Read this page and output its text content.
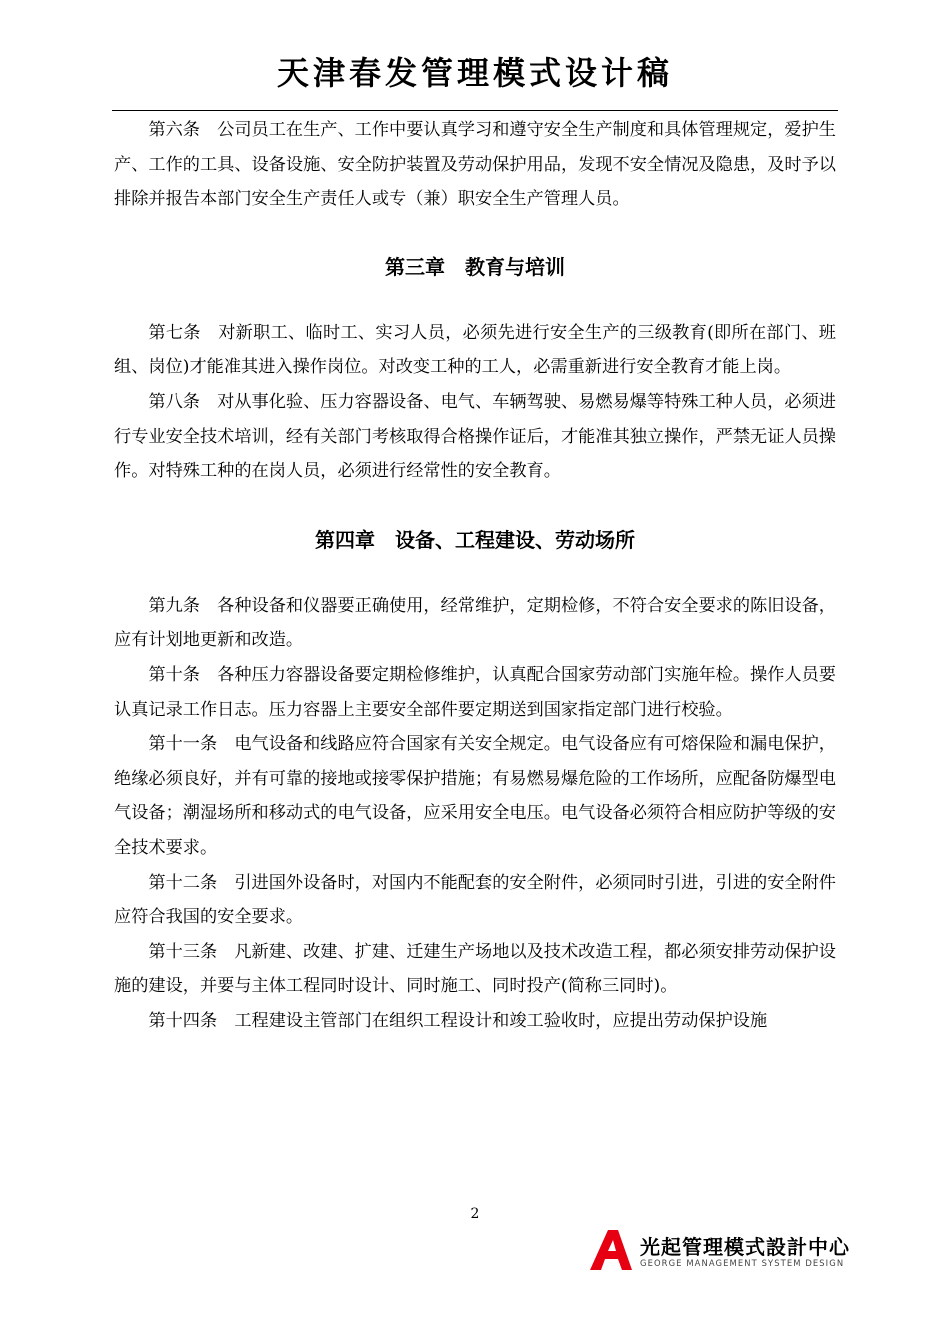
天津春发管理模式设计稿

第六条　公司员工在生产、工作中要认真学习和遵守安全生产制度和具体管理规定，爱护生产、工作的工具、设备设施、安全防护装置及劳动保护用品，发现不安全情况及隐患，及时予以排除并报告本部门安全生产责任人或专（兼）职安全生产管理人员。

第三章　教育与培训

第七条　对新职工、临时工、实习人员，必须先进行安全生产的三级教育(即所在部门、班组、岗位)才能准其进入操作岗位。对改变工种的工人，必需重新进行安全教育才能上岗。

第八条　对从事化验、压力容器设备、电气、车辆驾驶、易燃易爆等特殊工种人员，必须进行专业安全技术培训，经有关部门考核取得合格操作证后，才能准其独立操作，严禁无证人员操作。对特殊工种的在岗人员，必须进行经常性的安全教育。

第四章　设备、工程建设、劳动场所

第九条　各种设备和仪器要正确使用，经常维护，定期检修，不符合安全要求的陈旧设备，应有计划地更新和改造。

第十条　各种压力容器设备要定期检修维护，认真配合国家劳动部门实施年检。操作人员要认真记录工作日志。压力容器上主要安全部件要定期送到国家指定部门进行校验。

第十一条　电气设备和线路应符合国家有关安全规定。电气设备应有可熔保险和漏电保护，绝缘必须良好，并有可靠的接地或接零保护措施；有易燃易爆危险的工作场所，应配备防爆型电气设备；潮湿场所和移动式的电气设备，应采用安全电压。电气设备必须符合相应防护等级的安全技术要求。

第十二条　引进国外设备时，对国内不能配套的安全附件，必须同时引进，引进的安全附件应符合我国的安全要求。

第十三条　凡新建、改建、扩建、迁建生产场地以及技术改造工程，都必须安排劳动保护设施的建设，并要与主体工程同时设计、同时施工、同时投产(简称三同时)。

第十四条　工程建设主管部门在组织工程设计和竣工验收时，应提出劳动保护设施

2
光起管理模式設計中心
GEORGE MANAGEMENT SYSTEM DESIGN
